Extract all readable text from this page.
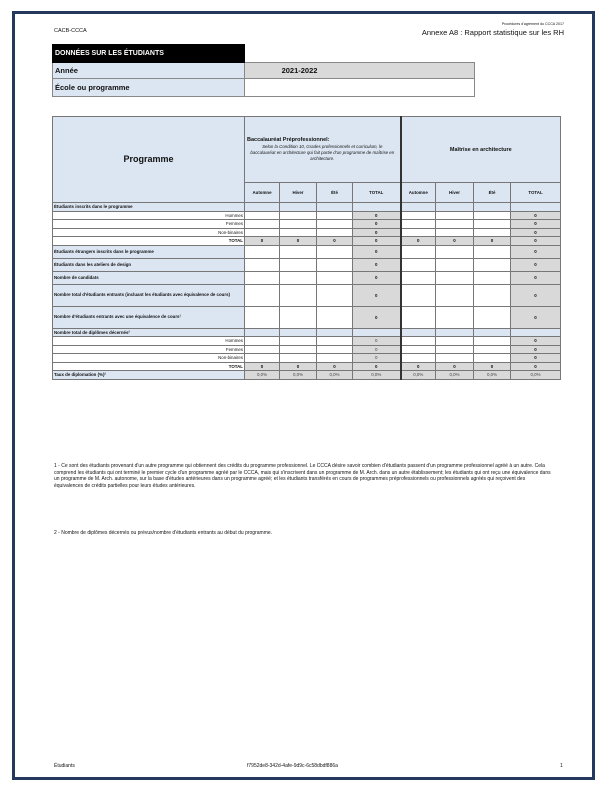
CACB-CCCA
Procédures d'agrément du CCCA 2017
Annexe A8 : Rapport statistique sur les RH
DONNÉES SUR LES ÉTUDIANTS	
Année	2021-2022
École ou programme	
Programme	Baccalauréat Préprofessionnel:
Selon la Condition 10, Grades professionnels et curriculum, le baccalauréat en architecture qui fait partie d'un programme de maîtrise en architecture.				Maîtrise en architecture			
	Automne	Hiver	Été	TOTAL	Automne	Hiver	Été	TOTAL
Étudiants inscrits dans le programme								
Hommes				0				0
Femmes				0				0
Non-binaires				0				0
TOTAL	0	0	0	0	0	0	0	0
Étudiants étrangers inscrits dans le programme				0				0
Étudiants dans les ateliers de design				0				0
Nombre de candidats				0				0
Nombre total d'étudiants entrants (incluant les étudiants avec équivalence de cours)				0				0
Nombre d'étudiants entrants avec une équivalence de cours¹				0				0
Nombre total de diplômes décernés²								
Hommes				0				0
Femmes				0				0
Non-binaires				0				0
TOTAL	0	0	0	0	0	0	0	0
Taux de diplomation (%)²	0,0%	0,0%	0,0%	0,0%	0,0%	0,0%	0,0%	0,0%
1 - Ce sont des étudiants provenant d'un autre programme qui obtiennent des crédits du programme professionnel. Le CCCA désire savoir combien d'étudiants passent d'un programme professionnel agréé à un autre. Cela comprend les étudiants qui ont terminé le premier cycle d'un programme agréé par le CCCA, mais qui s'inscrivent dans un programme de M. Arch. dans un autre établissement; les étudiants qui ont reçu une équivalence dans un programme de M. Arch. autonome, sur la base d'études antérieures dans un programme agréé; et les étudiants transférés en cours de programmes préprofessionnels ou professionnels agréés qui reçoivent des équivalences de crédits partielles pour leurs études antérieures.
2 - Nombre de diplômes décernés ou prévus/nombre d'étudiants entrants au début du programme.
Étudiants	f7952de8-342d-4afe-9d9c-6c58dbdf886a	1
